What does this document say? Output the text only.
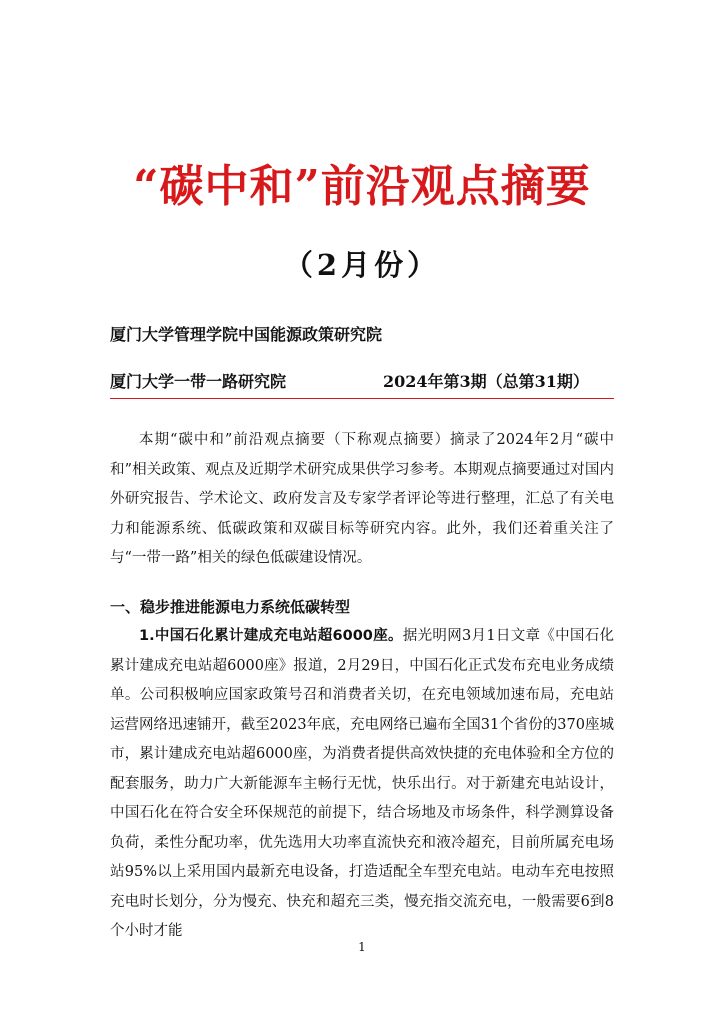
“碳中和”前沿观点摘要
（2月份）
厦门大学管理学院中国能源政策研究院
厦门大学一带一路研究院	2024年第3期（总第31期）

本期“碳中和”前沿观点摘要（下称观点摘要）摘录了2024年2月“碳中和”相关政策、观点及近期学术研究成果供学习参考。本期观点摘要通过对国内外研究报告、学术论文、政府发言及专家学者评论等进行整理，汇总了有关电力和能源系统、低碳政策和双碳目标等研究内容。此外，我们还着重关注了与“一带一路”相关的绿色低碳建设情况。

一、稳步推进能源电力系统低碳转型

1.中国石化累计建成充电站超6000座。据光明网3月1日文章《中国石化累计建成充电站超6000座》报道，2月29日，中国石化正式发布充电业务成绩单。公司积极响应国家政策号召和消费者关切，在充电领域加速布局，充电站运营网络迅速铺开，截至2023年底，充电网络已遍布全国31个省份的370座城市，累计建成充电站超6000座，为消费者提供高效快捷的充电体验和全方位的配套服务，助力广大新能源车主畅行无忧，快乐出行。对于新建充电站设计，中国石化在符合安全环保规范的前提下，结合场地及市场条件，科学测算设备负荷，柔性分配功率，优先选用大功率直流快充和液冷超充，目前所属充电场站95%以上采用国内最新充电设备，打造适配全车型充电站。电动车充电按照充电时长划分，分为慢充、快充和超充三类，慢充指交流充电，一般需要6到8个小时才能

1
